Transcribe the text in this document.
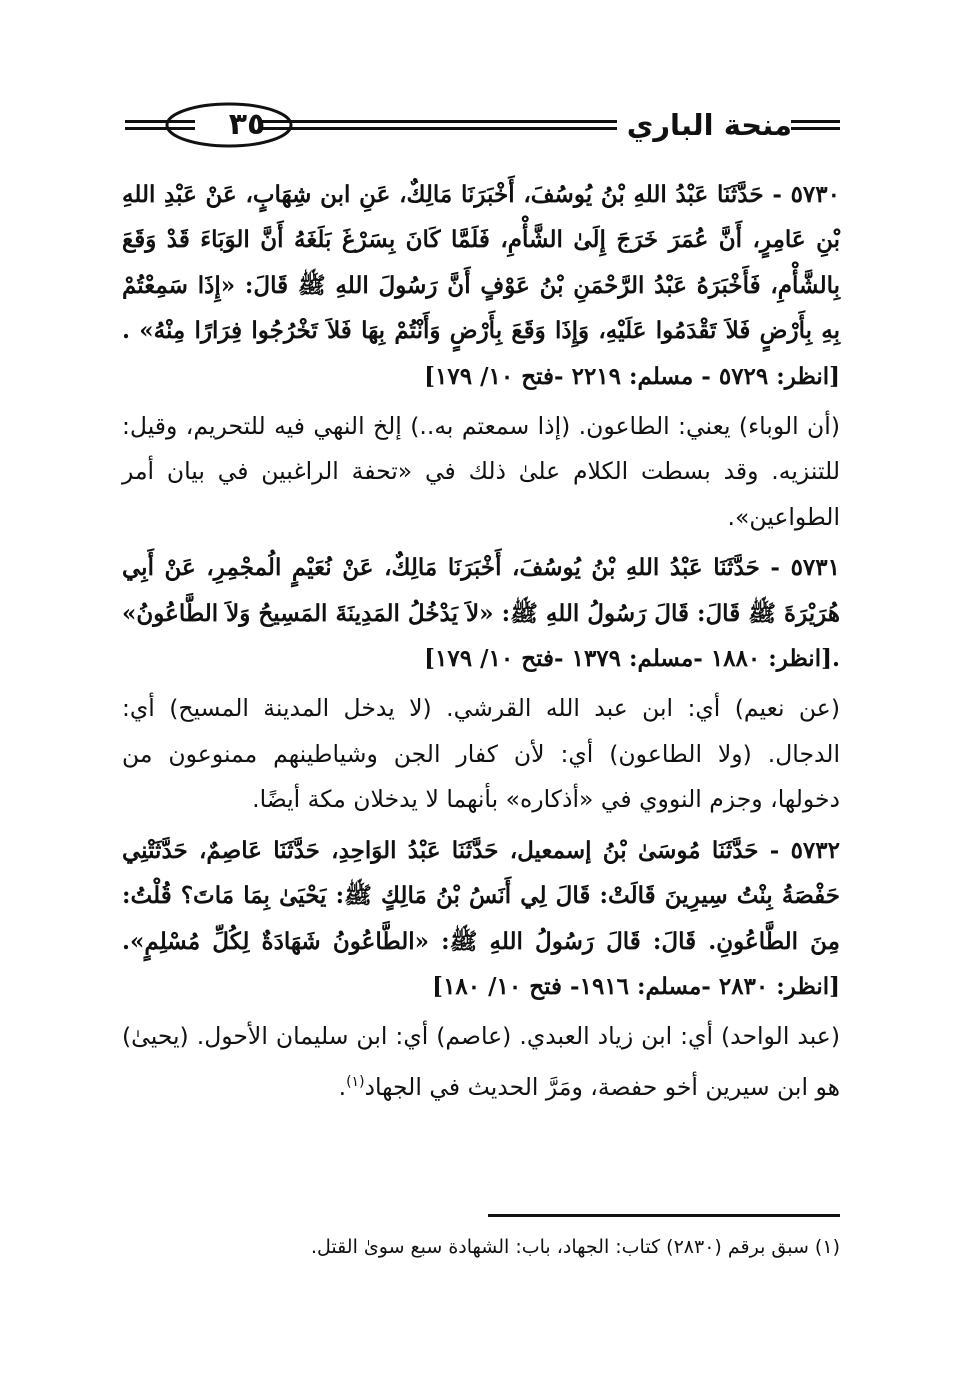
٣٥	منحة الباري

٥٧٣٠ - حَدَّثَنَا عَبْدُ اللهِ بْنُ يُوسُفَ، أَخْبَرَنَا مَالِكٌ، عَنِ ابن شِهَابٍ، عَنْ عَبْدِ اللهِ بْنِ عَامِرٍ، أَنَّ عُمَرَ خَرَجَ إِلَىٰ الشَّأْمِ، فَلَمَّا كَانَ بِسَرْغَ بَلَغَهُ أَنَّ الوَبَاءَ قَدْ وَقَعَ بِالشَّأْمِ، فَأَخْبَرَهُ عَبْدُ الرَّحْمَنِ بْنُ عَوْفٍ أَنَّ رَسُولَ اللهِ ﷺ قَالَ: «إِذَا سَمِعْتُمْ بِهِ بِأَرْضٍ فَلاَ تَقْدَمُوا عَلَيْهِ، وَإِذَا وَقَعَ بِأَرْضٍ وَأَنْتُمْ بِهَا فَلاَ تَخْرُجُوا فِرَارًا مِنْهُ» .[انظر: ٥٧٢٩ - مسلم: ٢٢١٩ -فتح ١٠/ ١٧٩]

(أن الوباء) يعني: الطاعون. (إذا سمعتم به..) إلخ النهي فيه للتحريم، وقيل: للتنزيه. وقد بسطت الكلام علىٰ ذلك في «تحفة الراغبين في بيان أمر الطواعين».

٥٧٣١ - حَدَّثَنَا عَبْدُ اللهِ بْنُ يُوسُفَ، أَخْبَرَنَا مَالِكٌ، عَنْ نُعَيْمٍ الُمجْمِرِ، عَنْ أَبِي هُرَيْرَةَ ﷺ قَالَ: قَالَ رَسُولُ اللهِ ﷺ: «لاَ يَدْخُلُ المَدِينَةَ المَسِيحُ وَلاَ الطَّاعُونُ» .[انظر: ١٨٨٠ -مسلم: ١٣٧٩ -فتح ١٠/ ١٧٩]

(عن نعيم) أي: ابن عبد الله القرشي. (لا يدخل المدينة المسيح) أي: الدجال. (ولا الطاعون) أي: لأن كفار الجن وشياطينهم ممنوعون من دخولها، وجزم النووي في «أذكاره» بأنهما لا يدخلان مكة أيضًا.

٥٧٣٢ - حَدَّثَنَا مُوسَىٰ بْنُ إسمعيل، حَدَّثَنَا عَبْدُ الوَاحِدِ، حَدَّثَنَا عَاصِمٌ، حَدَّثَتْنِي حَفْصَةُ بِنْتُ سِيرِينَ قَالَتْ: قَالَ لِي أَنَسُ بْنُ مَالِكٍ ﷺ: يَحْيَىٰ بِمَا مَاتَ؟ قُلْتُ: مِنَ الطَّاعُونِ. قَالَ: قَالَ رَسُولُ اللهِ ﷺ: «الطَّاعُونُ شَهَادَةٌ لِكُلِّ مُسْلِمٍ». [انظر: ٢٨٣٠ -مسلم: ١٩١٦- فتح ١٠/ ١٨٠]

(عبد الواحد) أي: ابن زياد العبدي. (عاصم) أي: ابن سليمان الأحول. (يحيىٰ) هو ابن سيرين أخو حفصة، ومَرَّ الحديث في الجهاد$^{(١)}$.

(١) سبق برقم (٢٨٣٠) كتاب: الجهاد، باب: الشهادة سبع سوىٰ القتل.
